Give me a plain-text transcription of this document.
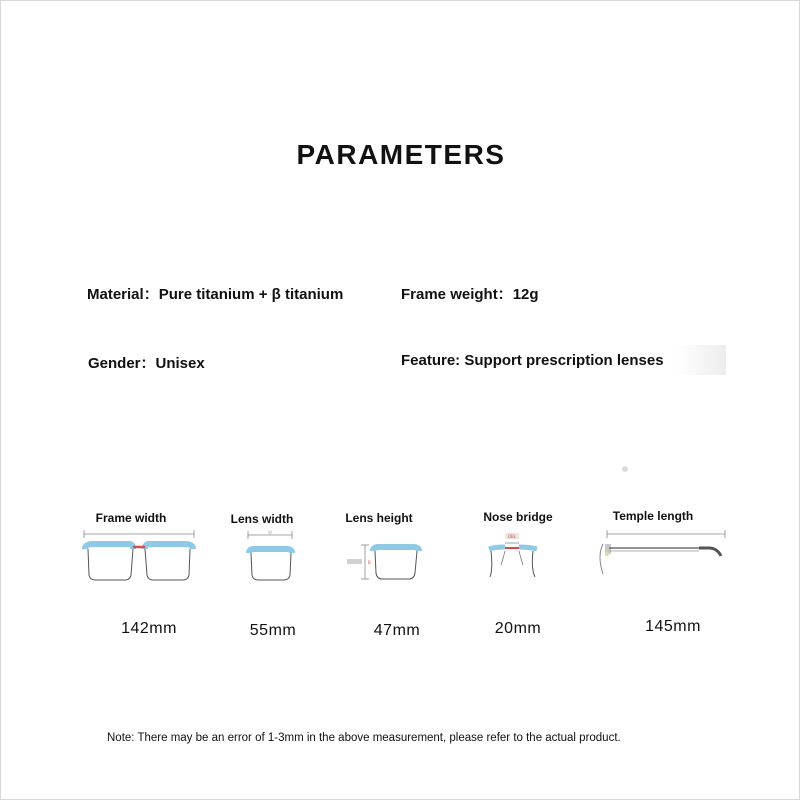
PARAMETERS
Material：Pure titanium + β titanium	Frame weight：12g
Gender：Unisex	Feature: Support prescription lenses
Frame width	Lens width	Lens height	Nose bridge	Temple length
W
B
DBL
142mm	55mm	47mm	20mm	145mm
Note: There may be an error of 1-3mm in the above measurement, please refer to the actual product.
